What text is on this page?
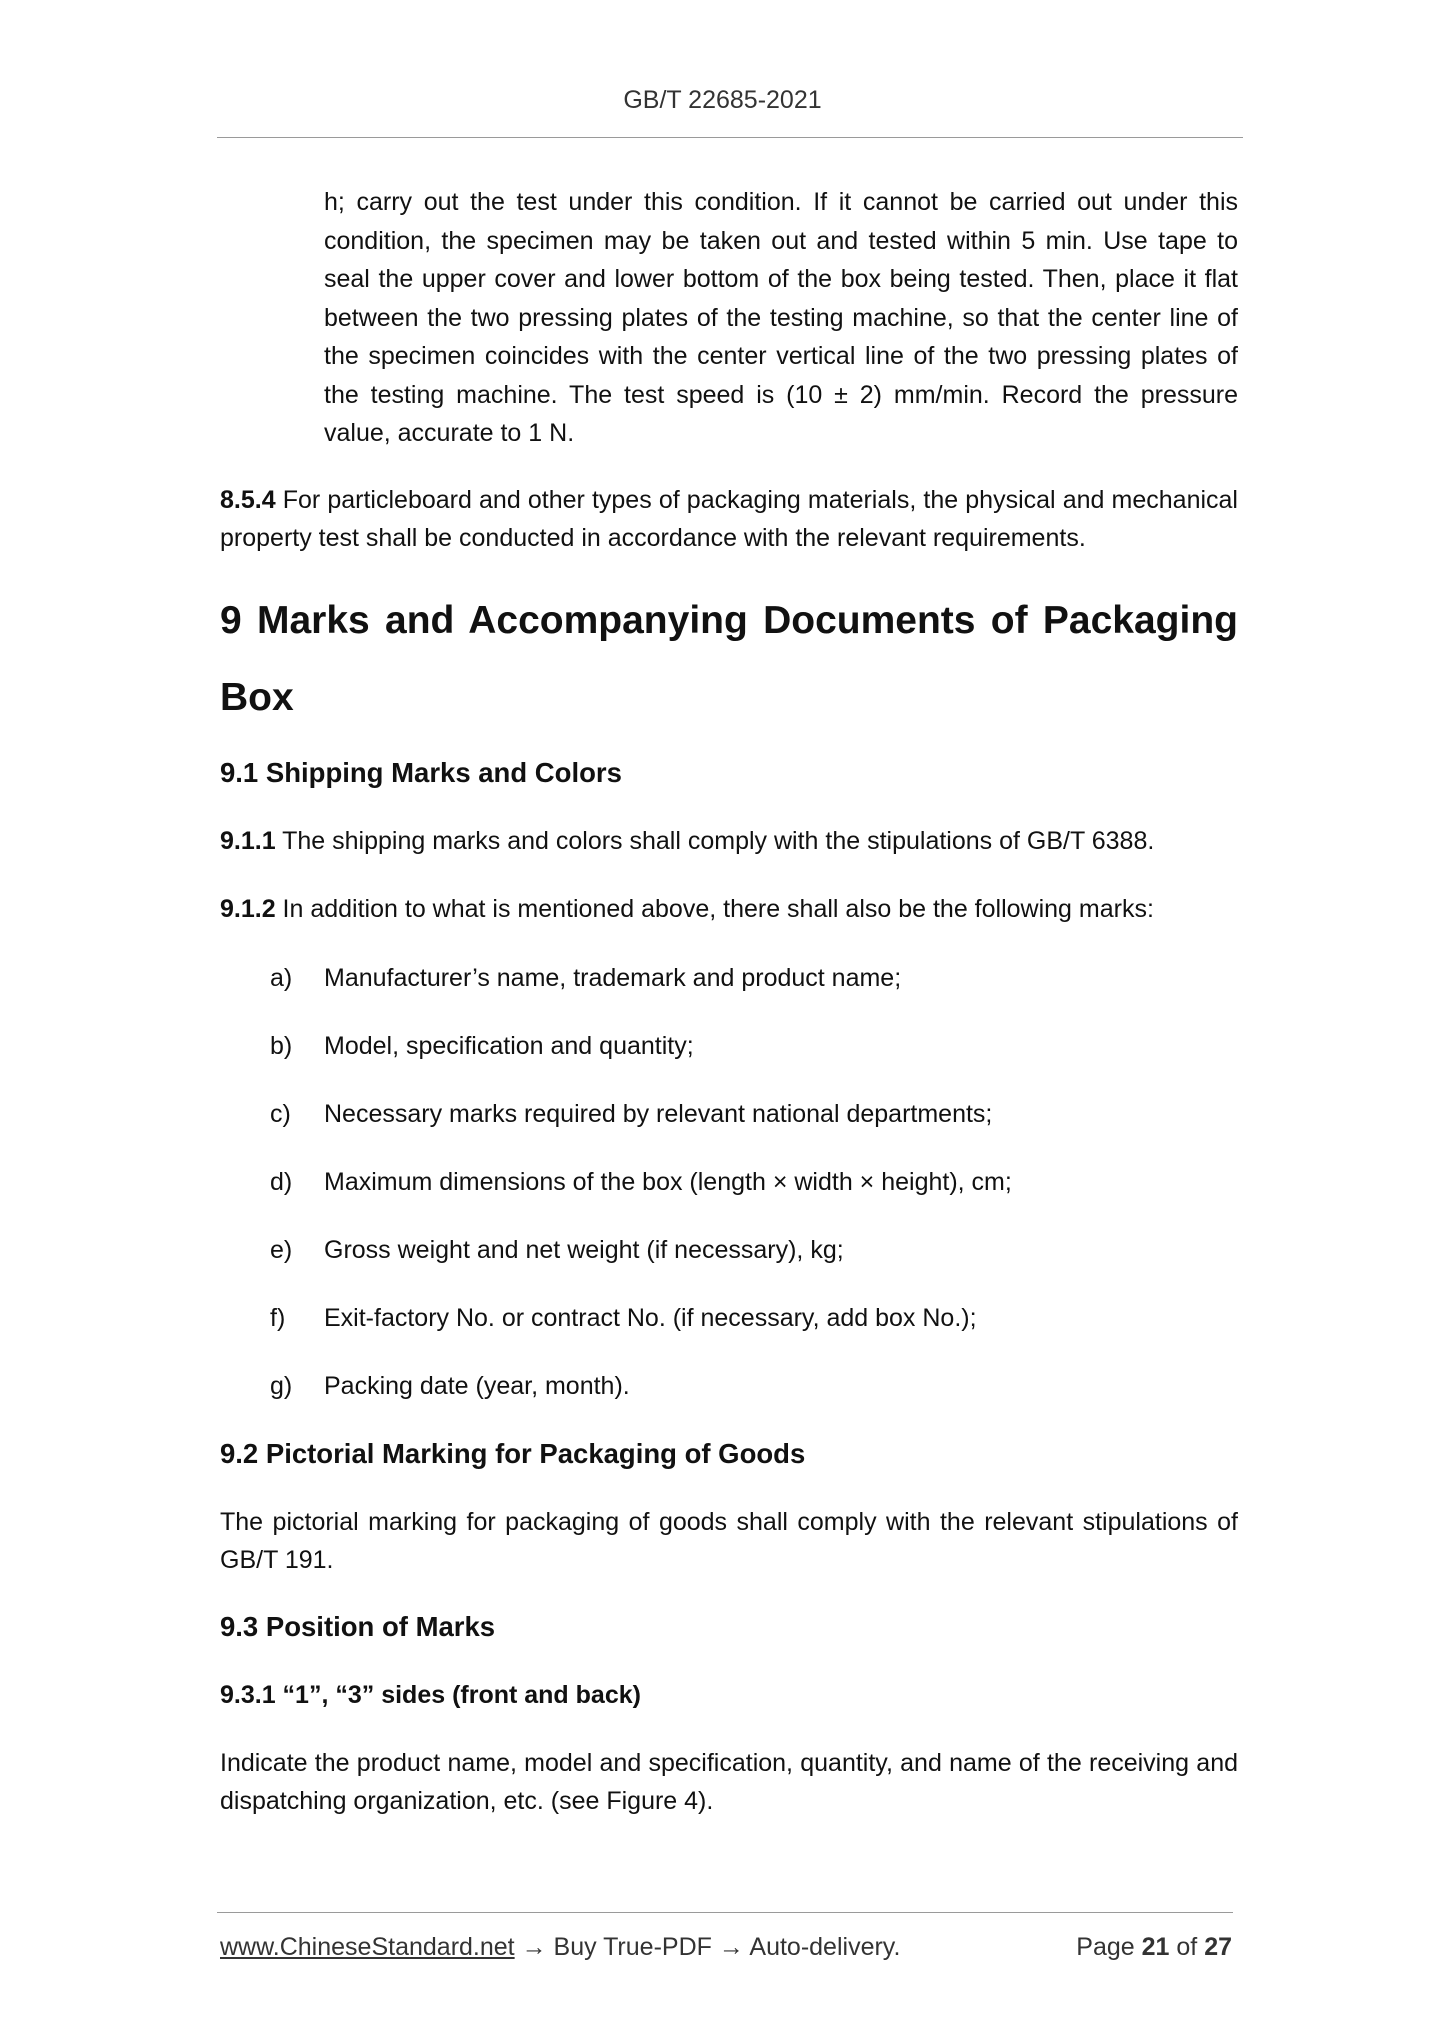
GB/T 22685-2021

h; carry out the test under this condition. If it cannot be carried out under this condition, the specimen may be taken out and tested within 5 min. Use tape to seal the upper cover and lower bottom of the box being tested. Then, place it flat between the two pressing plates of the testing machine, so that the center line of the specimen coincides with the center vertical line of the two pressing plates of the testing machine. The test speed is (10 ± 2) mm/min. Record the pressure value, accurate to 1 N.

8.5.4 For particleboard and other types of packaging materials, the physical and mechanical property test shall be conducted in accordance with the relevant requirements.

9 Marks and Accompanying Documents of Packaging Box
9.1 Shipping Marks and Colors

9.1.1 The shipping marks and colors shall comply with the stipulations of GB/T 6388.

9.1.2 In addition to what is mentioned above, there shall also be the following marks:

a)	Manufacturer’s name, trademark and product name;
b)	Model, specification and quantity;
c)	Necessary marks required by relevant national departments;
d)	Maximum dimensions of the box (length × width × height), cm;
e)	Gross weight and net weight (if necessary), kg;
f)	Exit-factory No. or contract No. (if necessary, add box No.);
g)	Packing date (year, month).
9.2 Pictorial Marking for Packaging of Goods

The pictorial marking for packaging of goods shall comply with the relevant stipulations of GB/T 191.

9.3 Position of Marks
9.3.1 “1”, “3” sides (front and back)

Indicate the product name, model and specification, quantity, and name of the receiving and dispatching organization, etc. (see Figure 4).

www.ChineseStandard.net → Buy True-PDF → Auto-delivery.	Page 21 of 27
